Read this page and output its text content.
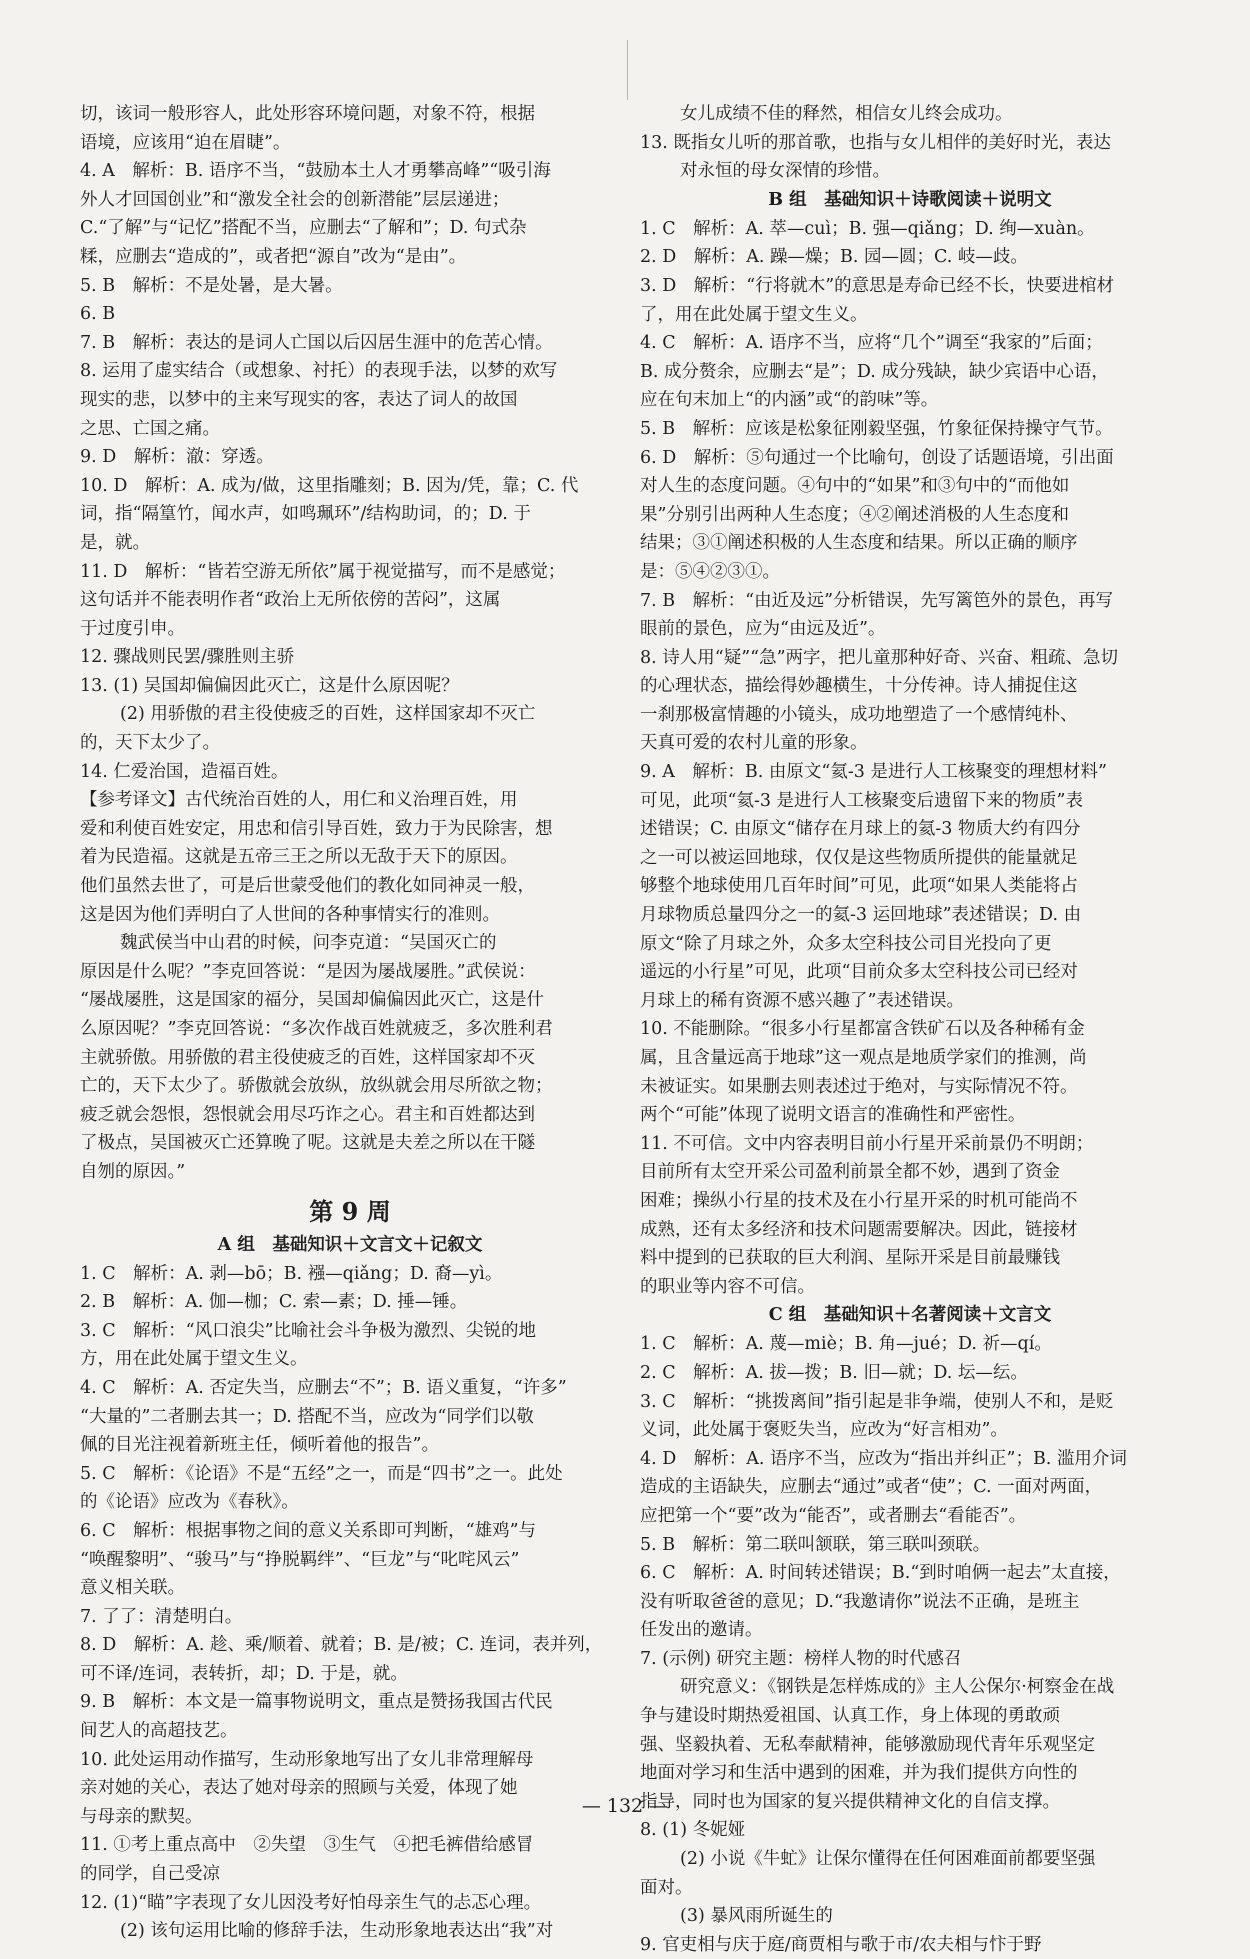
切，该词一般形容人，此处形容环境问题，对象不符，根据
语境，应该用“迫在眉睫”。
4. A　解析：B. 语序不当，“鼓励本土人才勇攀高峰”“吸引海
外人才回国创业”和“激发全社会的创新潜能”层层递进；
C.“了解”与“记忆”搭配不当，应删去“了解和”；D. 句式杂
糅，应删去“造成的”，或者把“源自”改为“是由”。
5. B　解析：不是处暑，是大暑。
6. B
7. B　解析：表达的是词人亡国以后囚居生涯中的危苦心情。
8. 运用了虚实结合（或想象、衬托）的表现手法，以梦的欢写
现实的悲，以梦中的主来写现实的客，表达了词人的故国
之思、亡国之痛。
9. D　解析：澈：穿透。
10. D　解析：A. 成为/做，这里指雕刻；B. 因为/凭，靠；C. 代
词，指“隔篁竹，闻水声，如鸣珮环”/结构助词，的；D. 于
是，就。
11. D　解析：“皆若空游无所依”属于视觉描写，而不是感觉；
这句话并不能表明作者“政治上无所依傍的苦闷”，这属
于过度引申。
12. 骤战则民罢/骤胜则主骄
13. (1) 吴国却偏偏因此灭亡，这是什么原因呢？
(2) 用骄傲的君主役使疲乏的百姓，这样国家却不灭亡
的，天下太少了。
14. 仁爱治国，造福百姓。
【参考译文】古代统治百姓的人，用仁和义治理百姓，用
爱和利使百姓安定，用忠和信引导百姓，致力于为民除害，想
着为民造福。这就是五帝三王之所以无敌于天下的原因。
他们虽然去世了，可是后世蒙受他们的教化如同神灵一般，
这是因为他们弄明白了人世间的各种事情实行的准则。
魏武侯当中山君的时候，问李克道：“吴国灭亡的
原因是什么呢？”李克回答说：“是因为屡战屡胜。”武侯说：
“屡战屡胜，这是国家的福分，吴国却偏偏因此灭亡，这是什
么原因呢？”李克回答说：“多次作战百姓就疲乏，多次胜利君
主就骄傲。用骄傲的君主役使疲乏的百姓，这样国家却不灭
亡的，天下太少了。骄傲就会放纵，放纵就会用尽所欲之物；
疲乏就会怨恨，怨恨就会用尽巧诈之心。君主和百姓都达到
了极点，吴国被灭亡还算晚了呢。这就是夫差之所以在干隧
自刎的原因。”
第 9 周
A 组　基础知识＋文言文＋记叙文
1. C　解析：A. 剥—bō；B. 襁—qiǎng；D. 裔—yì。
2. B　解析：A. 伽—枷；C. 索—素；D. 捶—锤。
3. C　解析：“风口浪尖”比喻社会斗争极为激烈、尖锐的地
方，用在此处属于望文生义。
4. C　解析：A. 否定失当，应删去“不”；B. 语义重复，“许多”
“大量的”二者删去其一；D. 搭配不当，应改为“同学们以敬
佩的目光注视着新班主任，倾听着他的报告”。
5. C　解析：《论语》不是“五经”之一，而是“四书”之一。此处
的《论语》应改为《春秋》。
6. C　解析：根据事物之间的意义关系即可判断，“雄鸡”与
“唤醒黎明”、“骏马”与“挣脱羁绊”、“巨龙”与“叱咤风云”
意义相关联。
7. 了了：清楚明白。
8. D　解析：A. 趁、乘/顺着、就着；B. 是/被；C. 连词，表并列，
可不译/连词，表转折，却；D. 于是，就。
9. B　解析：本文是一篇事物说明文，重点是赞扬我国古代民
间艺人的高超技艺。
10. 此处运用动作描写，生动形象地写出了女儿非常理解母
亲对她的关心，表达了她对母亲的照顾与关爱，体现了她
与母亲的默契。
11. ①考上重点高中　②失望　③生气　④把毛裤借给感冒
的同学，自己受凉
12. (1)“瞄”字表现了女儿因没考好怕母亲生气的忐忑心理。
(2) 该句运用比喻的修辞手法，生动形象地表达出“我”对
女儿成绩不佳的释然，相信女儿终会成功。
13. 既指女儿听的那首歌，也指与女儿相伴的美好时光，表达
对永恒的母女深情的珍惜。
B 组　基础知识＋诗歌阅读＋说明文
1. C　解析：A. 萃—cuì；B. 强—qiǎng；D. 绚—xuàn。
2. D　解析：A. 躁—燥；B. 园—圆；C. 岐—歧。
3. D　解析：“行将就木”的意思是寿命已经不长，快要进棺材
了，用在此处属于望文生义。
4. C　解析：A. 语序不当，应将“几个”调至“我家的”后面；
B. 成分赘余，应删去“是”；D. 成分残缺，缺少宾语中心语，
应在句末加上“的内涵”或“的韵味”等。
5. B　解析：应该是松象征刚毅坚强，竹象征保持操守气节。
6. D　解析：⑤句通过一个比喻句，创设了话题语境，引出面
对人生的态度问题。④句中的“如果”和③句中的“而他如
果”分别引出两种人生态度；④②阐述消极的人生态度和
结果；③①阐述积极的人生态度和结果。所以正确的顺序
是：⑤④②③①。
7. B　解析：“由近及远”分析错误，先写篱笆外的景色，再写
眼前的景色，应为“由远及近”。
8. 诗人用“疑”“急”两字，把儿童那种好奇、兴奋、粗疏、急切
的心理状态，描绘得妙趣横生，十分传神。诗人捕捉住这
一刹那极富情趣的小镜头，成功地塑造了一个感情纯朴、
天真可爱的农村儿童的形象。
9. A　解析：B. 由原文“氦-3 是进行人工核聚变的理想材料”
可见，此项“氦-3 是进行人工核聚变后遗留下来的物质”表
述错误；C. 由原文“储存在月球上的氦-3 物质大约有四分
之一可以被运回地球，仅仅是这些物质所提供的能量就足
够整个地球使用几百年时间”可见，此项“如果人类能将占
月球物质总量四分之一的氦-3 运回地球”表述错误；D. 由
原文“除了月球之外，众多太空科技公司目光投向了更
遥远的小行星”可见，此项“目前众多太空科技公司已经对
月球上的稀有资源不感兴趣了”表述错误。
10. 不能删除。“很多小行星都富含铁矿石以及各种稀有金
属，且含量远高于地球”这一观点是地质学家们的推测，尚
未被证实。如果删去则表述过于绝对，与实际情况不符。
两个“可能”体现了说明文语言的准确性和严密性。
11. 不可信。文中内容表明目前小行星开采前景仍不明朗；
目前所有太空开采公司盈利前景全都不妙，遇到了资金
困难；操纵小行星的技术及在小行星开采的时机可能尚不
成熟，还有太多经济和技术问题需要解决。因此，链接材
料中提到的已获取的巨大利润、星际开采是目前最赚钱
的职业等内容不可信。
C 组　基础知识＋名著阅读＋文言文
1. C　解析：A. 蔑—miè；B. 角—jué；D. 祈—qí。
2. C　解析：A. 拔—拨；B. 旧—就；D. 坛—纭。
3. C　解析：“挑拨离间”指引起是非争端，使别人不和，是贬
义词，此处属于褒贬失当，应改为“好言相劝”。
4. D　解析：A. 语序不当，应改为“指出并纠正”；B. 滥用介词
造成的主语缺失，应删去“通过”或者“使”；C. 一面对两面，
应把第一个“要”改为“能否”，或者删去“看能否”。
5. B　解析：第二联叫颔联，第三联叫颈联。
6. C　解析：A. 时间转述错误；B.“到时咱俩一起去”太直接，
没有听取爸爸的意见；D.“我邀请你”说法不正确，是班主
任发出的邀请。
7. (示例) 研究主题：榜样人物的时代感召
研究意义：《钢铁是怎样炼成的》主人公保尔·柯察金在战
争与建设时期热爱祖国、认真工作，身上体现的勇敢顽
强、坚毅执着、无私奉献精神，能够激励现代青年乐观坚定
地面对学习和生活中遇到的困难，并为我们提供方向性的
指导，同时也为国家的复兴提供精神文化的自信支撑。
8. (1) 冬妮娅
(2) 小说《牛虻》让保尔懂得在任何困难面前都要坚强
面对。
(3) 暴风雨所诞生的
9. 官吏相与庆于庭/商贾相与歌于市/农夫相与忭于野
— 132 —
